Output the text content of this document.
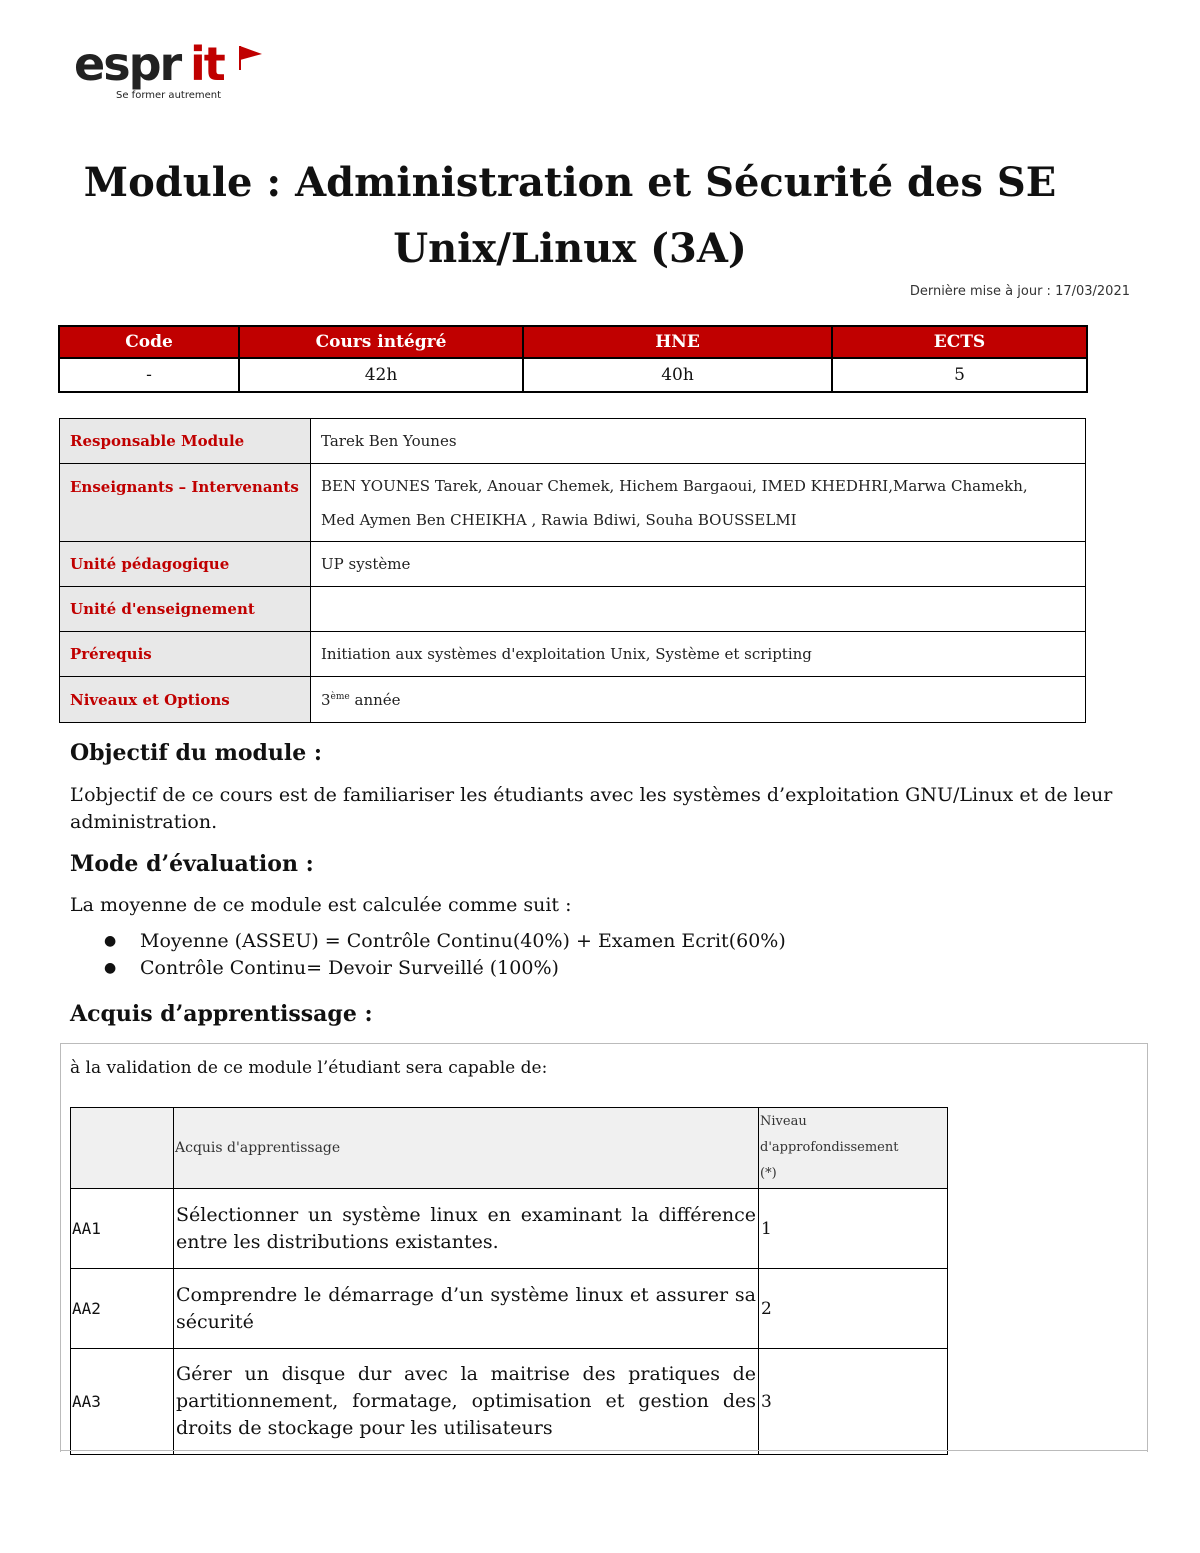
espr it
Se former autrement
Module : Administration et Sécurité des SE
Unix/Linux (3A)
Dernière mise à jour : 17/03/2021
Code	Cours intégré	HNE	ECTS
-	42h	40h	5
Responsable Module	Tarek Ben Younes
Enseignants – Intervenants	BEN YOUNES Tarek, Anouar Chemek, Hichem Bargaoui, IMED KHEDHRI,Marwa Chamekh,
Med Aymen Ben CHEIKHA , Rawia Bdiwi, Souha BOUSSELMI

Unité pédagogique	UP système
Unité d'enseignement	
Prérequis	Initiation aux systèmes d'exploitation Unix, Système et scripting
Niveaux et Options	3ème année
Objectif du module :
L’objectif de ce cours est de familiariser les étudiants avec les systèmes d’exploitation GNU/Linux et de leur administration.
Mode d’évaluation :
La moyenne de ce module est calculée comme suit :
● Moyenne (ASSEU) = Contrôle Continu(40%) + Examen Ecrit(60%)
● Contrôle Continu= Devoir Surveillé (100%)
Acquis d’apprentissage :
à la validation de ce module l’étudiant sera capable de:
	Acquis d'apprentissage	Niveau d'approfondissement
(*)

AA1	Sélectionner un système linux en examinant la différence entre les distributions existantes.	1
AA2	Comprendre le démarrage d’un système linux et assurer sa sécurité	2
AA3	Gérer un disque dur avec la maitrise des pratiques de partitionnement, formatage, optimisation et gestion des droits de stockage pour les utilisateurs	3
